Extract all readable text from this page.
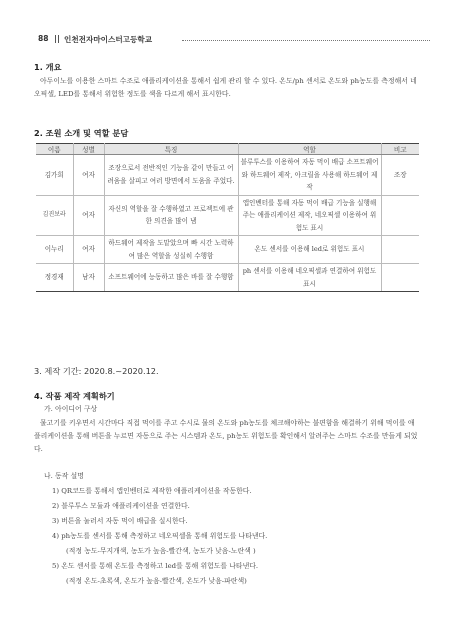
88 인천전자마이스터고등학교
1. 개요
아두이노를 이용한 스마트 수조로 애플리케이션을 통해서 쉽게 관리 할 수 있다. 온도/ph 센서로 온도와 ph농도를 측정해서 네오픽셀, LED를 통해서 위험한 정도를 색을 다르게 해서 표시한다.
2. 조원 소개 및 역할 분담
이름	성별	특징	역할	비고
김가희	여자	조장으로서 전반적인 기능을 같이 만들고 어려움을 살피고 여러 방면에서 도움을 주었다.	블루투스를 이용하여 자동 먹이 배급 소프트웨어와 하드웨어 제작, 아크릴을 사용해 하드웨어 제작	조장
김진보라	여자	자신의 역할을 잘 수행하였고 프로젝트에 관한 의견을 많이 냄	앱인벤터를 통해 자동 먹이 배급 기능을 실행해주는 애플리케이션 제작, 네오픽셀 이용하여 위험도 표시	
이누리	여자	하드웨어 제작을 도맡았으며 빠 시간 노력하여 많은 역할을 성실히 수행함	온도 센서를 이용해 led로 위험도 표시	
정경재	남자	소프트웨어에 능동하고 많은 바를 잘 수행함	ph 센서를 이용해 네오픽셀과 연결하여 위험도 표시	
3. 제작 기간: 2020.8.~2020.12.
4. 작품 제작 계획하기
가. 아이디어 구상
물고기를 키우면서 시간마다 직접 먹이를 주고 수시로 물의 온도와 ph농도를 체크해야하는 불편함을 해결하기 위해 먹이를 애플리케이션을 통해 버튼을 누르면 자동으로 주는 시스템과 온도, ph농도 위험도를 확인해서 알려주는 스마트 수조를 만들게 되었다.
나. 동작 설명
1) QR코드를 통해서 앱인벤터로 제작한 애플리케이션을 작동한다.
2) 블루투스 모듈과 애플리케이션을 연결한다.
3) 버튼을 눌러서 자동 먹이 배급을 실시한다.
4) ph농도를 센서를 통해 측정하고 네오픽셀을 통해 위험도를 나타낸다.
(적정 농도-무지개색, 농도가 높음-빨간색, 농도가 낮음-노란색 )
5) 온도 센서를 통해 온도를 측정하고 led를 통해 위험도를 나타낸다.
(적정 온도-초록색, 온도가 높음-빨간색, 온도가 낮음-파란색)
